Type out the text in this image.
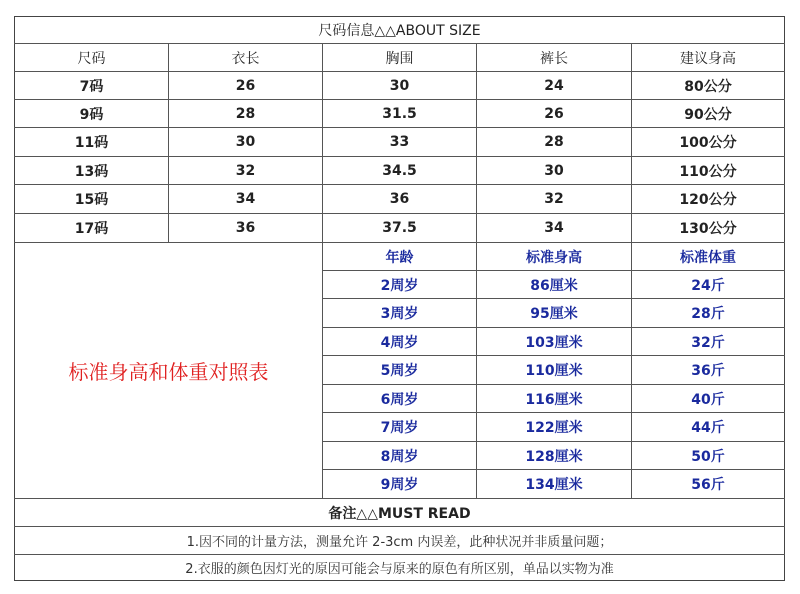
尺码信息△△ABOUT SIZE
尺码	衣长	胸围	裤长	建议身高
7码	26	30	24	80公分
9码	28	31.5	26	90公分
11码	30	33	28	100公分
13码	32	34.5	30	110公分
15码	34	36	32	120公分
17码	36	37.5	34	130公分
标准身高和体重对照表
年龄	标准身高	标准体重
2周岁	86厘米	24斤
3周岁	95厘米	28斤
4周岁	103厘米	32斤
5周岁	110厘米	36斤
6周岁	116厘米	40斤
7周岁	122厘米	44斤
8周岁	128厘米	50斤
9周岁	134厘米	56斤
备注△△MUST READ
1.因不同的计量方法，测量允许 2-3cm 内误差，此种状况并非质量问题；
2.衣服的颜色因灯光的原因可能会与原来的原色有所区别，单品以实物为准
